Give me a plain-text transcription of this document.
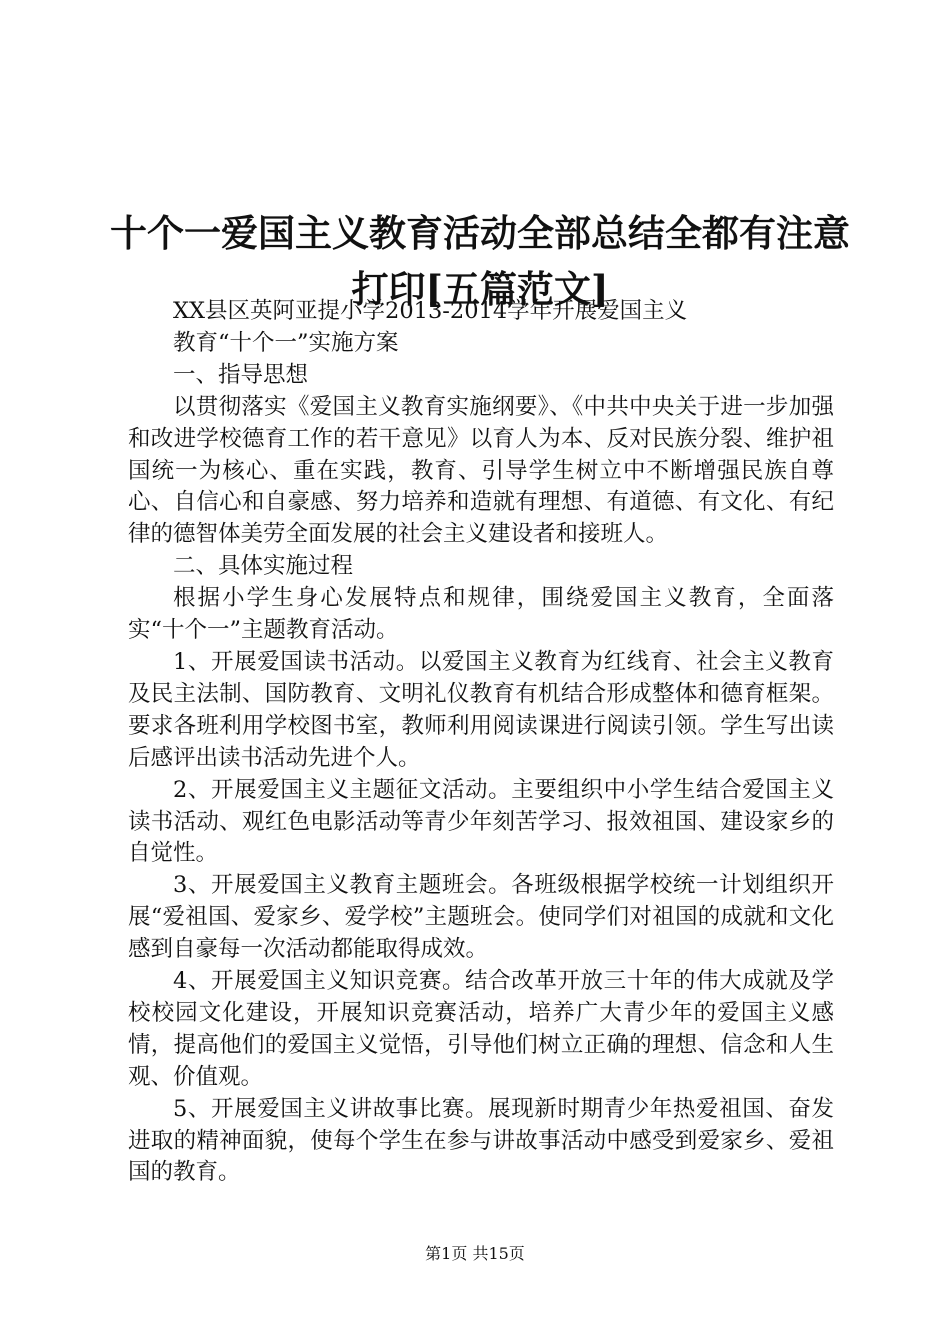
十个一爱国主义教育活动全部总结全都有注意
打印[五篇范文]

XX县区英阿亚提小学2013-2014学年开展爱国主义

教育“十个一”实施方案

一、指导思想

以贯彻落实《爱国主义教育实施纲要》、《中共中央关于进一步加强和改进学校德育工作的若干意见》以育人为本、反对民族分裂、维护祖国统一为核心、重在实践，教育、引导学生树立中不断增强民族自尊心、自信心和自豪感、努力培养和造就有理想、有道德、有文化、有纪律的德智体美劳全面发展的社会主义建设者和接班人。

二、具体实施过程

根据小学生身心发展特点和规律，围绕爱国主义教育，全面落实“十个一”主题教育活动。

1、开展爱国读书活动。以爱国主义教育为红线育、社会主义教育及民主法制、国防教育、文明礼仪教育有机结合形成整体和德育框架。要求各班利用学校图书室，教师利用阅读课进行阅读引领。学生写出读后感评出读书活动先进个人。

2、开展爱国主义主题征文活动。主要组织中小学生结合爱国主义读书活动、观红色电影活动等青少年刻苦学习、报效祖国、建设家乡的自觉性。

3、开展爱国主义教育主题班会。各班级根据学校统一计划组织开展“爱祖国、爱家乡、爱学校”主题班会。使同学们对祖国的成就和文化感到自豪每一次活动都能取得成效。

4、开展爱国主义知识竞赛。结合改革开放三十年的伟大成就及学校校园文化建设，开展知识竞赛活动，培养广大青少年的爱国主义感情，提高他们的爱国主义觉悟，引导他们树立正确的理想、信念和人生观、价值观。

5、开展爱国主义讲故事比赛。展现新时期青少年热爱祖国、奋发进取的精神面貌，使每个学生在参与讲故事活动中感受到爱家乡、爱祖国的教育。

第1页 共15页
